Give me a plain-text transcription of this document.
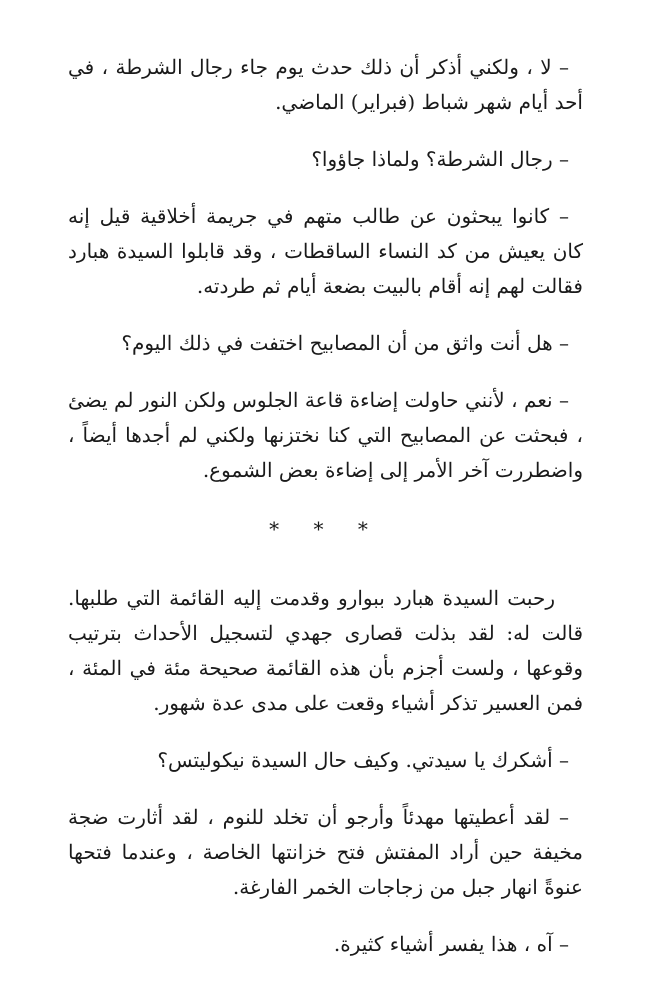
– لا ، ولكني أذكر أن ذلك حدث يوم جاء رجال الشرطة ، في أحد أيام شهر شباط (فبراير) الماضي.

– رجال الشرطة؟ ولماذا جاؤوا؟

– كانوا يبحثون عن طالب متهم في جريمة أخلاقية قيل إنه كان يعيش من كد النساء الساقطات ، وقد قابلوا السيدة هبارد فقالت لهم إنه أقام بالبيت بضعة أيام ثم طردته.

– هل أنت واثق من أن المصابيح اختفت في ذلك اليوم؟

– نعم ، لأنني حاولت إضاءة قاعة الجلوس ولكن النور لم يضئ ، فبحثت عن المصابيح التي كنا نختزنها ولكني لم أجدها أيضاً ، واضطررت آخر الأمر إلى إضاءة بعض الشموع.

* * *

رحبت السيدة هبارد ببوارو وقدمت إليه القائمة التي طلبها. قالت له: لقد بذلت قصارى جهدي لتسجيل الأحداث بترتيب وقوعها ، ولست أجزم بأن هذه القائمة صحيحة مئة في المئة ، فمن العسير تذكر أشياء وقعت على مدى عدة شهور.

– أشكرك يا سيدتي. وكيف حال السيدة نيكوليتس؟

– لقد أعطيتها مهدئاً وأرجو أن تخلد للنوم ، لقد أثارت ضجة مخيفة حين أراد المفتش فتح خزانتها الخاصة ، وعندما فتحها عنوةً انهار جبل من زجاجات الخمر الفارغة.

– آه ، هذا يفسر أشياء كثيرة.
